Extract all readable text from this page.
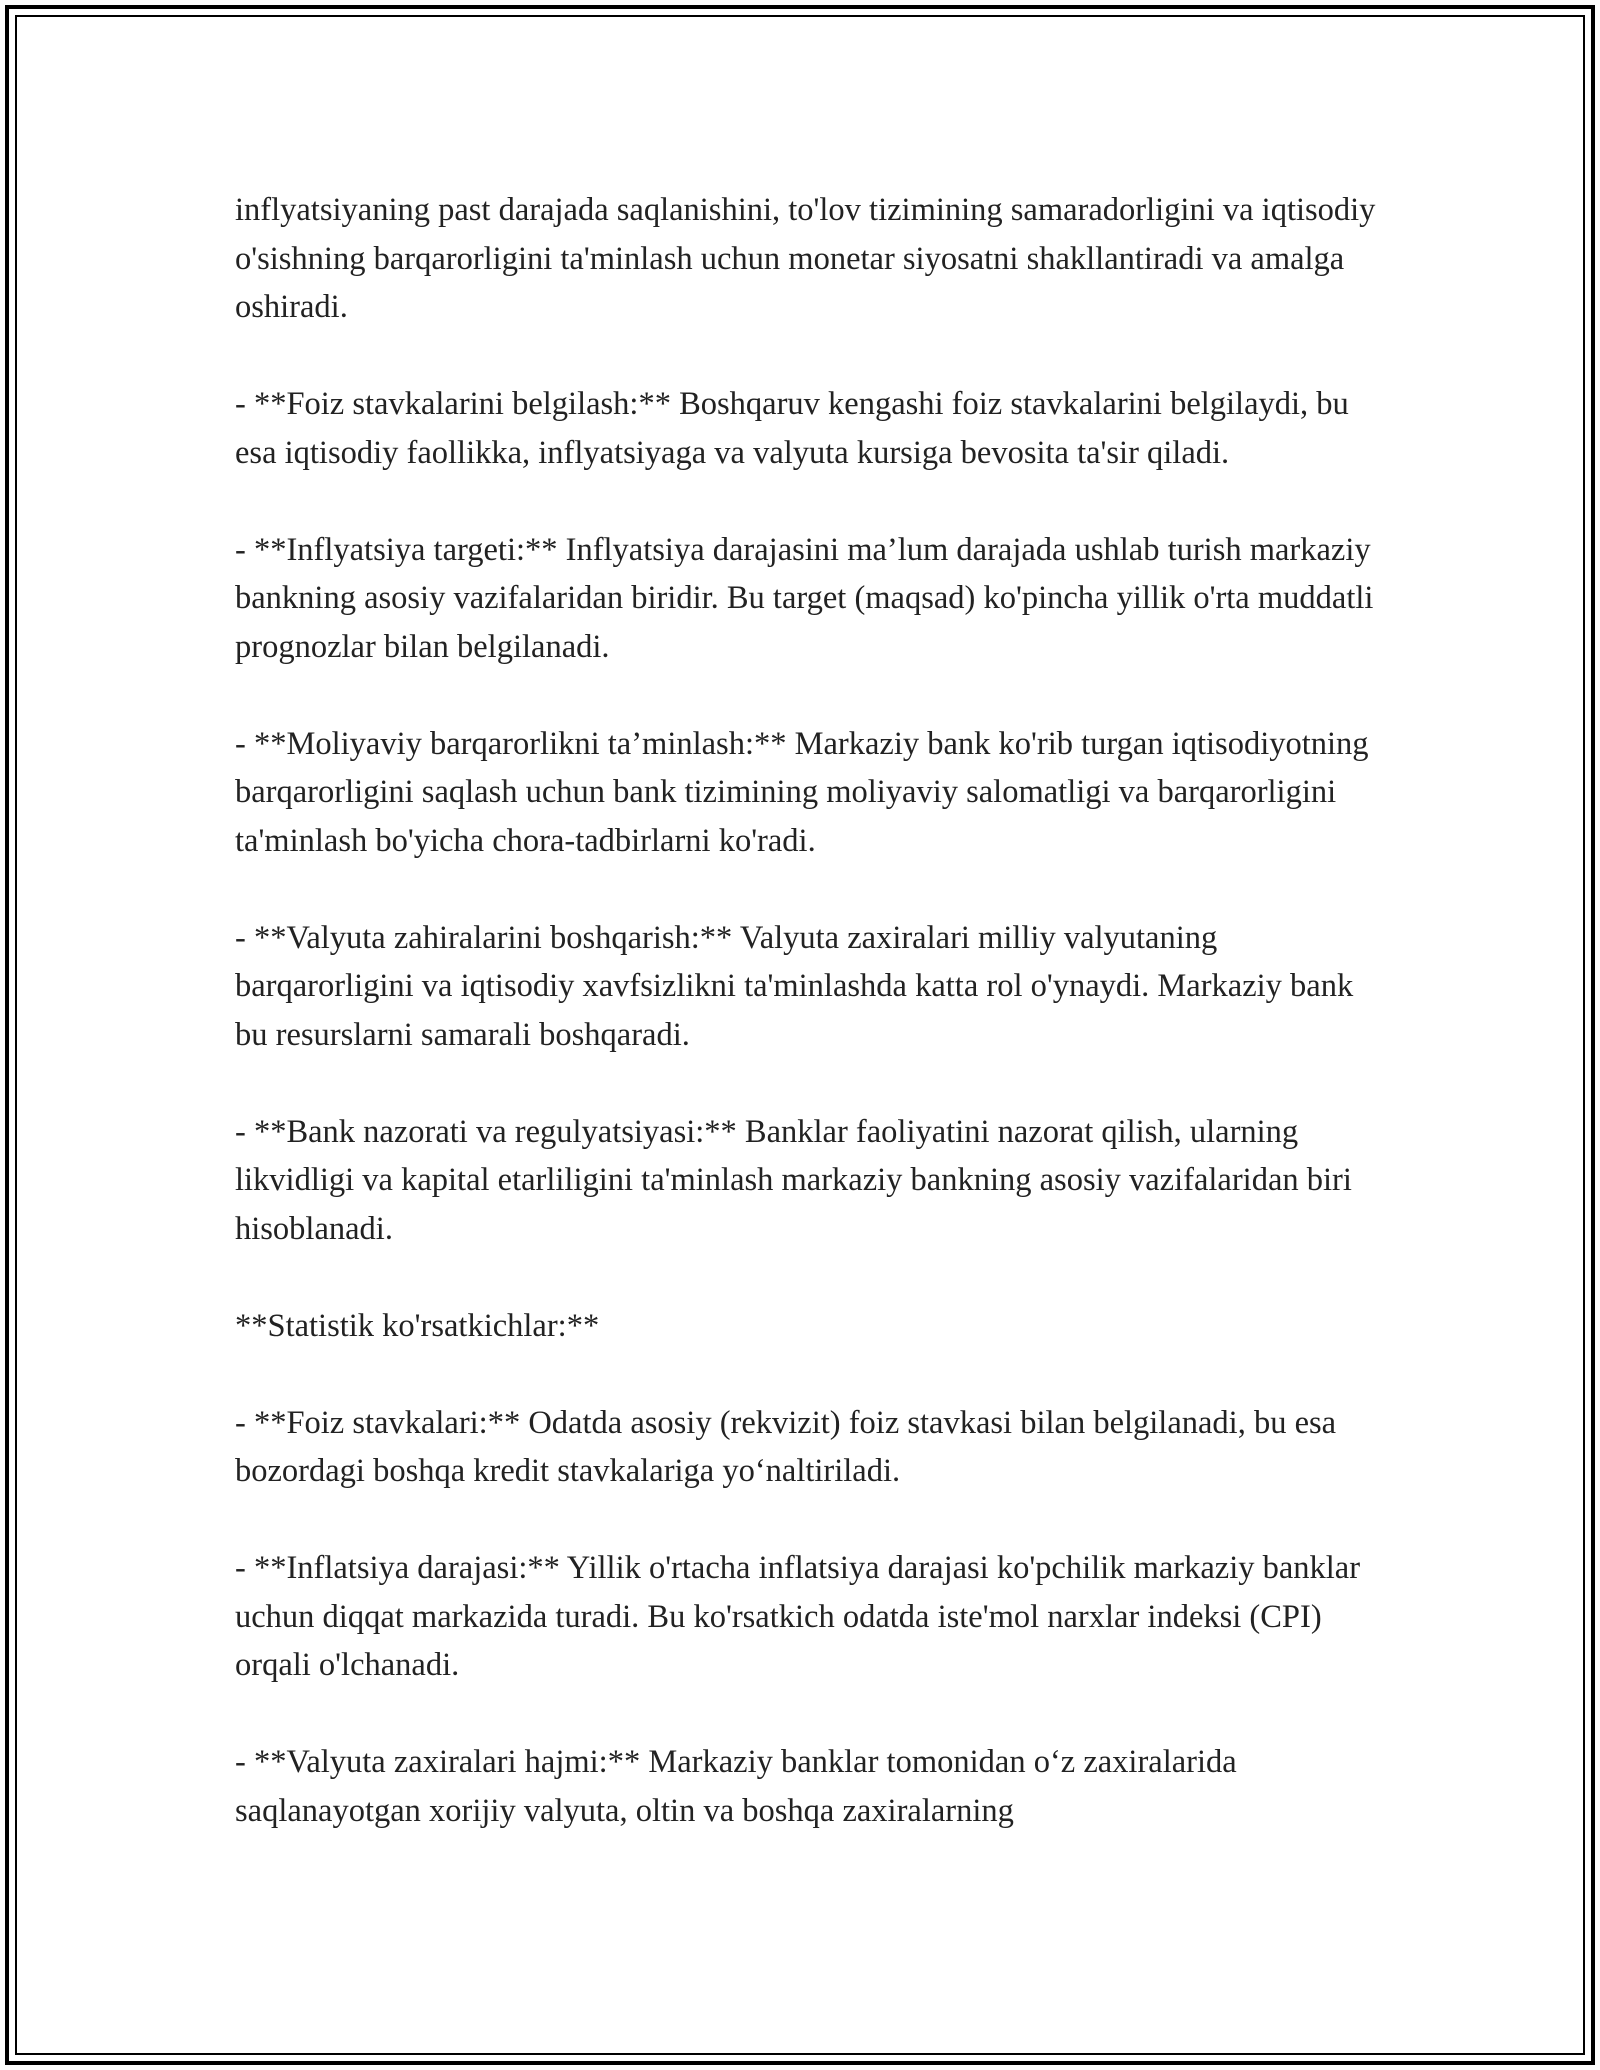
inflyatsiyaning past darajada saqlanishini, to'lov tizimining samaradorligini va iqtisodiy o'sishning barqarorligini ta'minlash uchun monetar siyosatni shakllantiradi va amalga oshiradi.

- **Foiz stavkalarini belgilash:** Boshqaruv kengashi foiz stavkalarini belgilaydi, bu esa iqtisodiy faollikka, inflyatsiyaga va valyuta kursiga bevosita ta'sir qiladi.

- **Inflyatsiya targeti:** Inflyatsiya darajasini ma’lum darajada ushlab turish markaziy bankning asosiy vazifalaridan biridir. Bu target (maqsad) ko'pincha yillik o'rta muddatli prognozlar bilan belgilanadi.

- **Moliyaviy barqarorlikni ta’minlash:** Markaziy bank ko'rib turgan iqtisodiyotning barqarorligini saqlash uchun bank tizimining moliyaviy salomatligi va barqarorligini ta'minlash bo'yicha chora-tadbirlarni ko'radi.

- **Valyuta zahiralarini boshqarish:** Valyuta zaxiralari milliy valyutaning barqarorligini va iqtisodiy xavfsizlikni ta'minlashda katta rol o'ynaydi. Markaziy bank bu resurslarni samarali boshqaradi.

- **Bank nazorati va regulyatsiyasi:** Banklar faoliyatini nazorat qilish, ularning likvidligi va kapital etarliligini ta'minlash markaziy bankning asosiy vazifalaridan biri hisoblanadi.

**Statistik ko'rsatkichlar:**

- **Foiz stavkalari:** Odatda asosiy (rekvizit) foiz stavkasi bilan belgilanadi, bu esa bozordagi boshqa kredit stavkalariga yo‘naltiriladi.

- **Inflatsiya darajasi:** Yillik o'rtacha inflatsiya darajasi ko'pchilik markaziy banklar uchun diqqat markazida turadi. Bu ko'rsatkich odatda iste'mol narxlar indeksi (CPI) orqali o'lchanadi.

- **Valyuta zaxiralari hajmi:** Markaziy banklar tomonidan o‘z zaxiralarida saqlanayotgan xorijiy valyuta, oltin va boshqa zaxiralarning
